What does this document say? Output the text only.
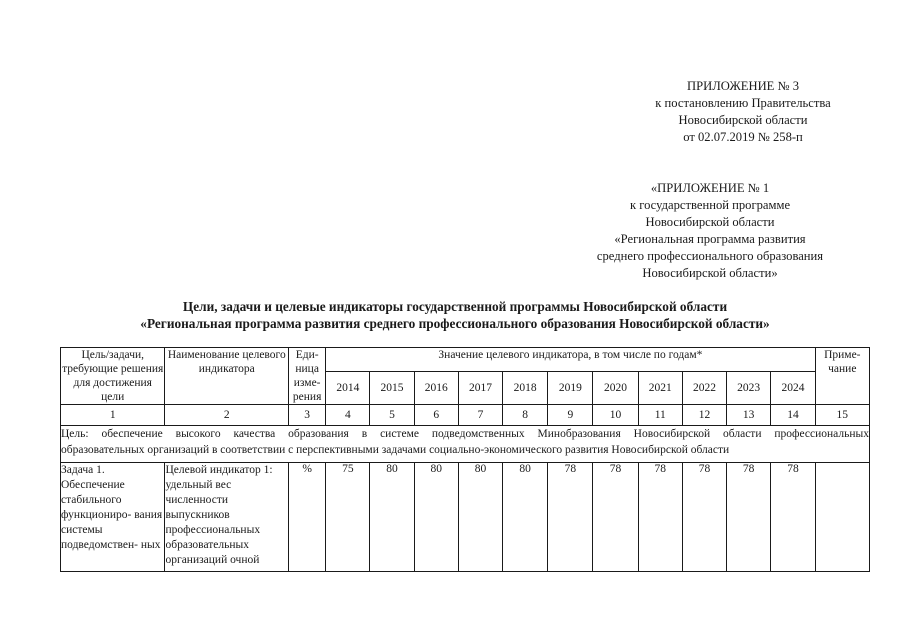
ПРИЛОЖЕНИЕ № 3
к постановлению Правительства
Новосибирской области
от 02.07.2019 № 258-п
«ПРИЛОЖЕНИЕ № 1
к государственной программе
Новосибирской области
«Региональная программа развития
среднего профессионального образования
Новосибирской области»
Цели, задачи и целевые индикаторы государственной программы Новосибирской области
«Региональная программа развития среднего профессионального образования Новосибирской области»
Цель/задачи, требующие решения для достижения цели	Наименование целевого индикатора	Еди- ница изме- рения	Значение целевого индикатора, в том числе по годам*											Приме- чание
			2014	2015	2016	2017	2018	2019	2020	2021	2022	2023	2024	
1	2	3	4	5	6	7	8	9	10	11	12	13	14	15

Цель: обеспечение высокого качества образования в системе подведомственных Минобразования Новосибирской области профессиональных
образовательных организаций в соответствии с перспективными задачами социально-экономического развития Новосибирской области														

Задача 1. Обеспечение стабильного функциониро- вания системы подведомствен- ных	Целевой индикатор 1: удельный вес численности выпускников профессиональных образовательных организаций очной	%	75	80	80	80	80	78	78	78	78	78	78	
